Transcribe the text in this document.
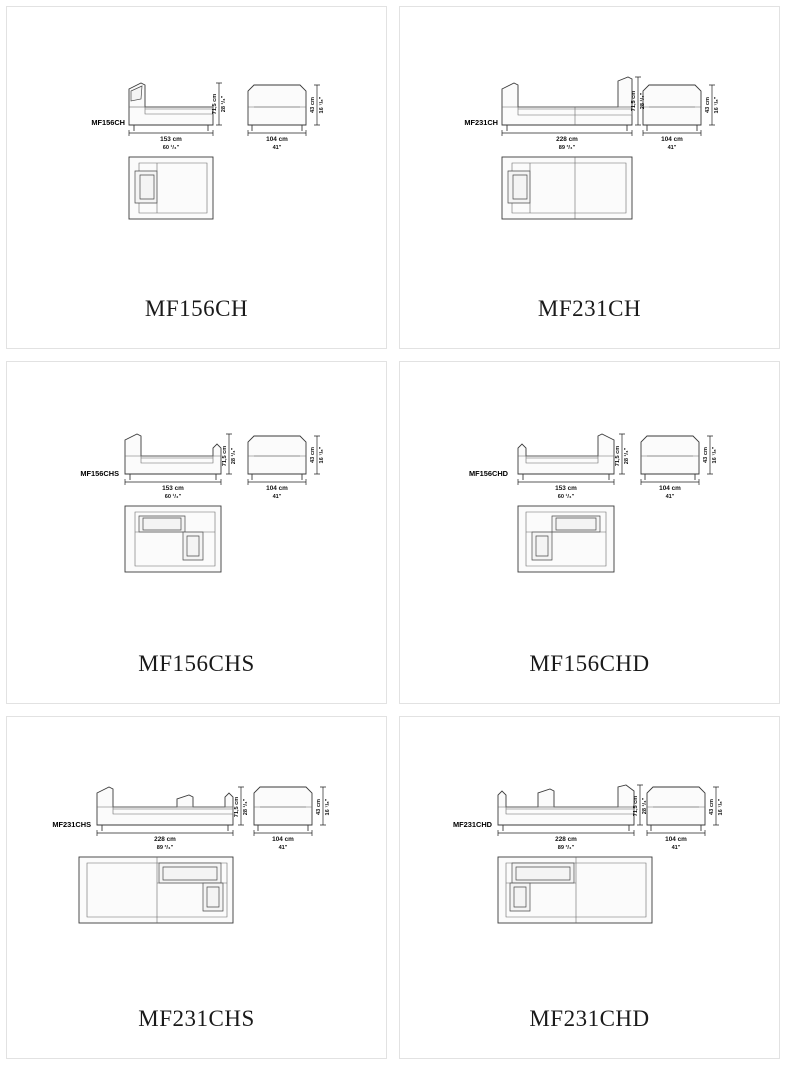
MF156CH
71,5 cm 28 ¹/₄"	43 cm 16 ⁷/₈"
153 cm
60 ¹/₄"
104 cm
41"
MF156CH
MF231CH
71,5 cm 28 ¹/₄"	43 cm 16 ⁷/₈"
228 cm
89 ³/₄"
104 cm
41"
MF231CH
MF156CHS
71,5 cm 28 ¹/₄"	43 cm 16 ⁷/₈"
153 cm
60 ¹/₄"
104 cm
41"
MF156CHS
MF156CHD
71,5 cm 28 ¹/₄"	43 cm 16 ⁷/₈"
153 cm
60 ¹/₄"
104 cm
41"
MF156CHD
MF231CHS
71,5 cm 28 ¹/₄"	43 cm 16 ⁷/₈"
228 cm
89 ³/₄"
104 cm
41"
MF231CHS
MF231CHD
71,5 cm 28 ¹/₄"	43 cm 16 ⁷/₈"
228 cm
89 ³/₄"
104 cm
41"
MF231CHD
